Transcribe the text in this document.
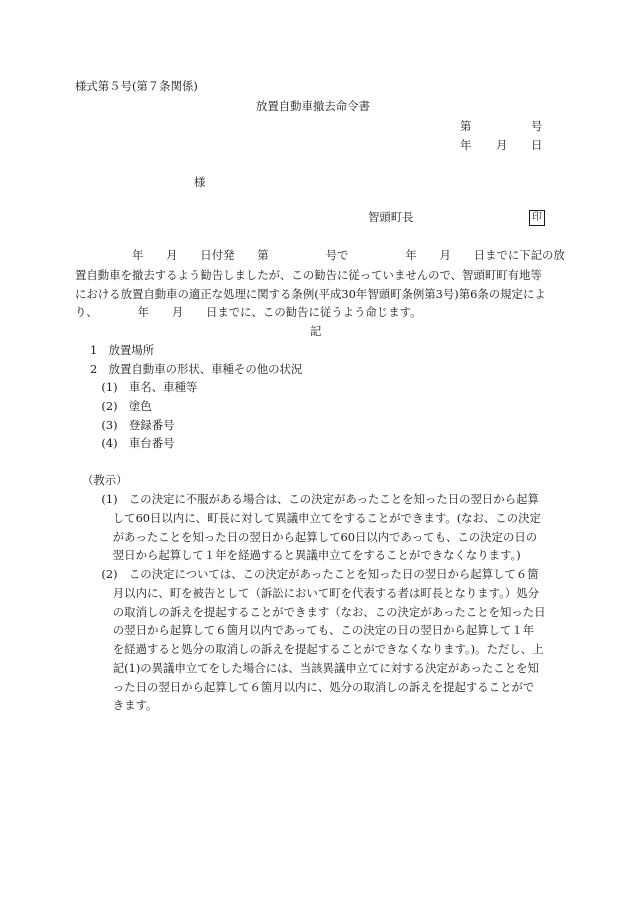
様式第５号(第７条関係)
放置自動車撤去命令書
第	号
年 月 日
様
智頭町長	印
　　　　　年　　月　　日付発　　第　　　　　号で　　　　　年　　月　　日までに下記の放
置自動車を撤去するよう勧告しましたが、この勧告に従っていませんので、智頭町町有地等
における放置自動車の適正な処理に関する条例(平成30年智頭町条例第3号)第6条の規定によ
り、　　　　年　　月　　日までに、この勧告に従うよう命じます。
記
1　放置場所
2　放置自動車の形状、車種その他の状況
　(1)　車名、車種等
　(2)　塗色
　(3)　登録番号
　(4)　車台番号
（教示）
　(1)　この決定に不服がある場合は、この決定があったことを知った日の翌日から起算
　　して60日以内に、町長に対して異議申立てをすることができます。(なお、この決定
　　があったことを知った日の翌日から起算して60日以内であっても、この決定の日の
　　翌日から起算して１年を経過すると異議申立てをすることができなくなります。)
　(2)　この決定については、この決定があったことを知った日の翌日から起算して６箇
　　月以内に、町を被告として（訴訟において町を代表する者は町長となります。）処分
　　の取消しの訴えを提起することができます（なお、この決定があったことを知った日
　　の翌日から起算して６箇月以内であっても、この決定の日の翌日から起算して１年
　　を経過すると処分の取消しの訴えを提起することができなくなります。)。ただし、上
　　記(1)の異議申立てをした場合には、当該異議申立てに対する決定があったことを知
　　った日の翌日から起算して６箇月以内に、処分の取消しの訴えを提起することがで
　　きます。
